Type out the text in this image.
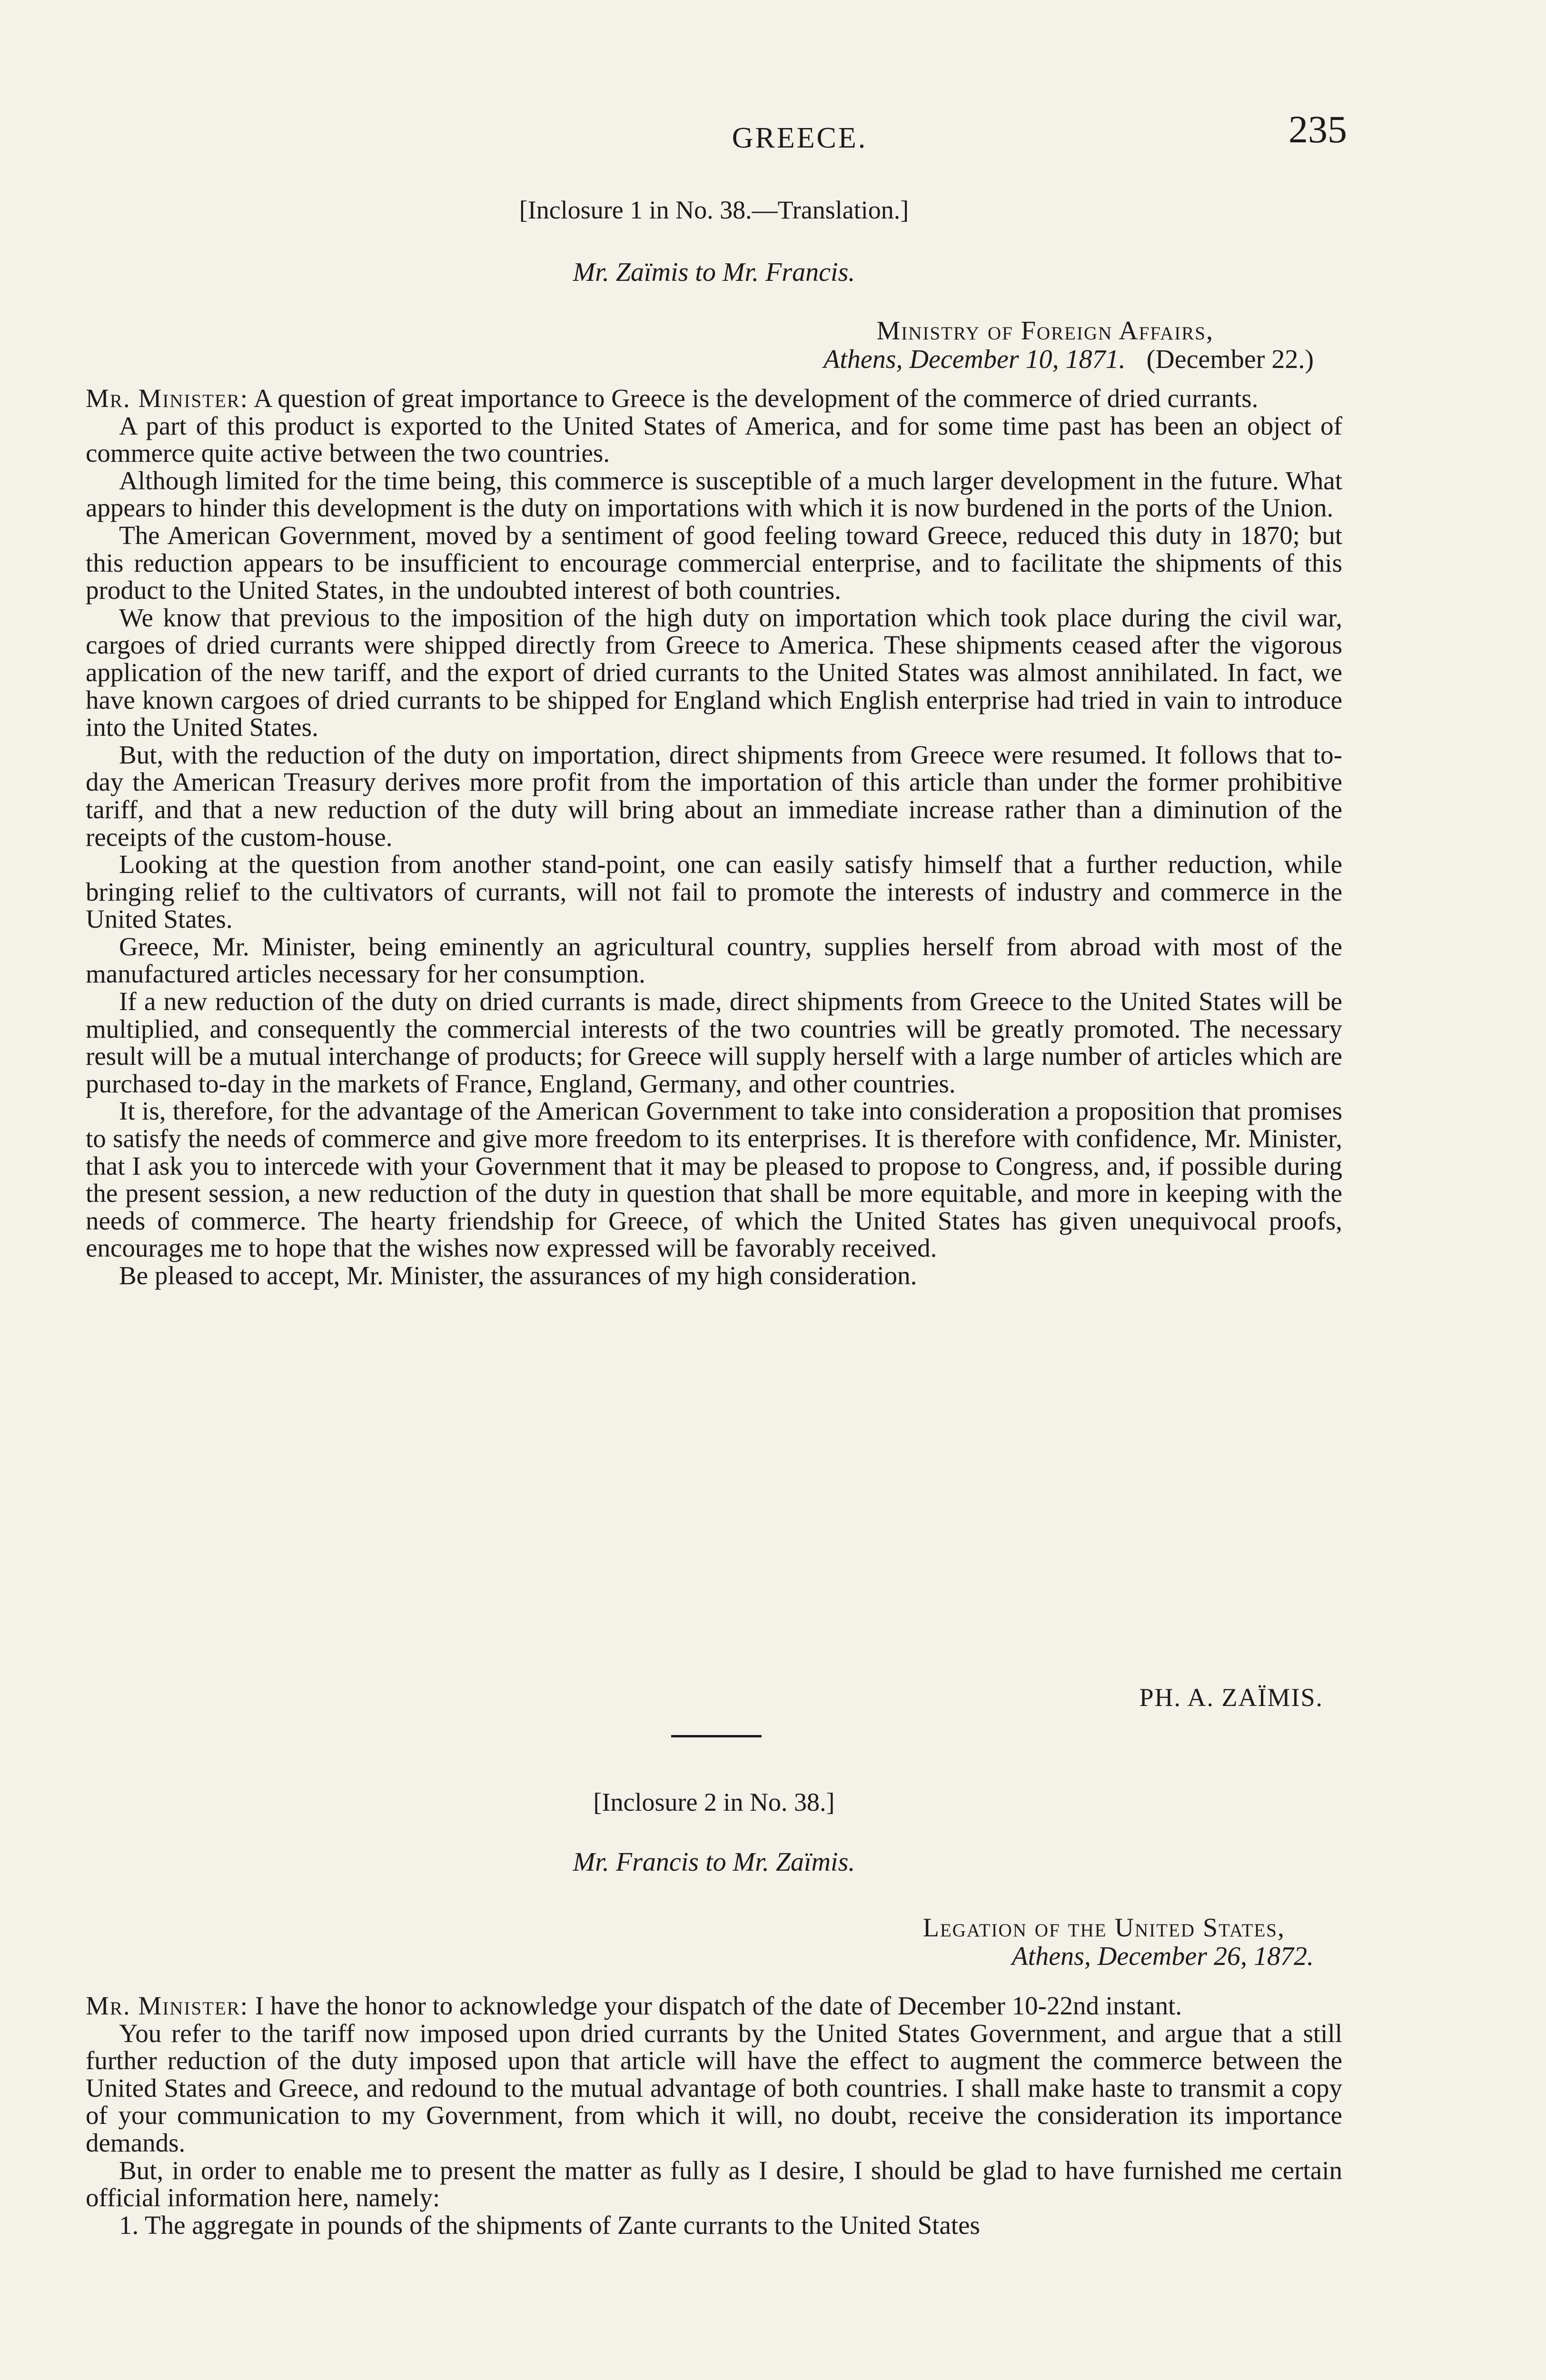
GREECE.	235
[Inclosure 1 in No. 38.—Translation.]
Mr. Zaïmis to Mr. Francis.
Ministry of Foreign Affairs,
Athens, December 10, 1871. (December 22.)

Mr. Minister: A question of great importance to Greece is the development of the commerce of dried currants.

A part of this product is exported to the United States of America, and for some time past has been an object of commerce quite active between the two countries.

Although limited for the time being, this commerce is susceptible of a much larger development in the future. What appears to hinder this development is the duty on importations with which it is now burdened in the ports of the Union.

The American Government, moved by a sentiment of good feeling toward Greece, reduced this duty in 1870; but this reduction appears to be insufficient to encourage commercial enterprise, and to facilitate the shipments of this product to the United States, in the undoubted interest of both countries.

We know that previous to the imposition of the high duty on importation which took place during the civil war, cargoes of dried currants were shipped directly from Greece to America. These shipments ceased after the vigorous application of the new tariff, and the export of dried currants to the United States was almost annihilated. In fact, we have known cargoes of dried currants to be shipped for England which English enterprise had tried in vain to introduce into the United States.

But, with the reduction of the duty on importation, direct shipments from Greece were resumed. It follows that to-day the American Treasury derives more profit from the importation of this article than under the former prohibitive tariff, and that a new reduction of the duty will bring about an immediate increase rather than a diminution of the receipts of the custom-house.

Looking at the question from another stand-point, one can easily satisfy himself that a further reduction, while bringing relief to the cultivators of currants, will not fail to promote the interests of industry and commerce in the United States.

Greece, Mr. Minister, being eminently an agricultural country, supplies herself from abroad with most of the manufactured articles necessary for her consumption.

If a new reduction of the duty on dried currants is made, direct shipments from Greece to the United States will be multiplied, and consequently the commercial interests of the two countries will be greatly promoted. The necessary result will be a mutual interchange of products; for Greece will supply herself with a large number of articles which are purchased to-day in the markets of France, England, Germany, and other countries.

It is, therefore, for the advantage of the American Government to take into consideration a proposition that promises to satisfy the needs of commerce and give more freedom to its enterprises. It is therefore with confidence, Mr. Minister, that I ask you to intercede with your Government that it may be pleased to propose to Congress, and, if possible during the present session, a new reduction of the duty in question that shall be more equitable, and more in keeping with the needs of commerce. The hearty friendship for Greece, of which the United States has given unequivocal proofs, encourages me to hope that the wishes now expressed will be favorably received.

Be pleased to accept, Mr. Minister, the assurances of my high consideration.

PH. A. ZAÏMIS.
[Inclosure 2 in No. 38.]
Mr. Francis to Mr. Zaïmis.
Legation of the United States,
Athens, December 26, 1872.

Mr. Minister: I have the honor to acknowledge your dispatch of the date of December 10-22nd instant.

You refer to the tariff now imposed upon dried currants by the United States Government, and argue that a still further reduction of the duty imposed upon that article will have the effect to augment the commerce between the United States and Greece, and redound to the mutual advantage of both countries. I shall make haste to transmit a copy of your communication to my Government, from which it will, no doubt, receive the consideration its importance demands.

But, in order to enable me to present the matter as fully as I desire, I should be glad to have furnished me certain official information here, namely:

1. The aggregate in pounds of the shipments of Zante currants to the United States
